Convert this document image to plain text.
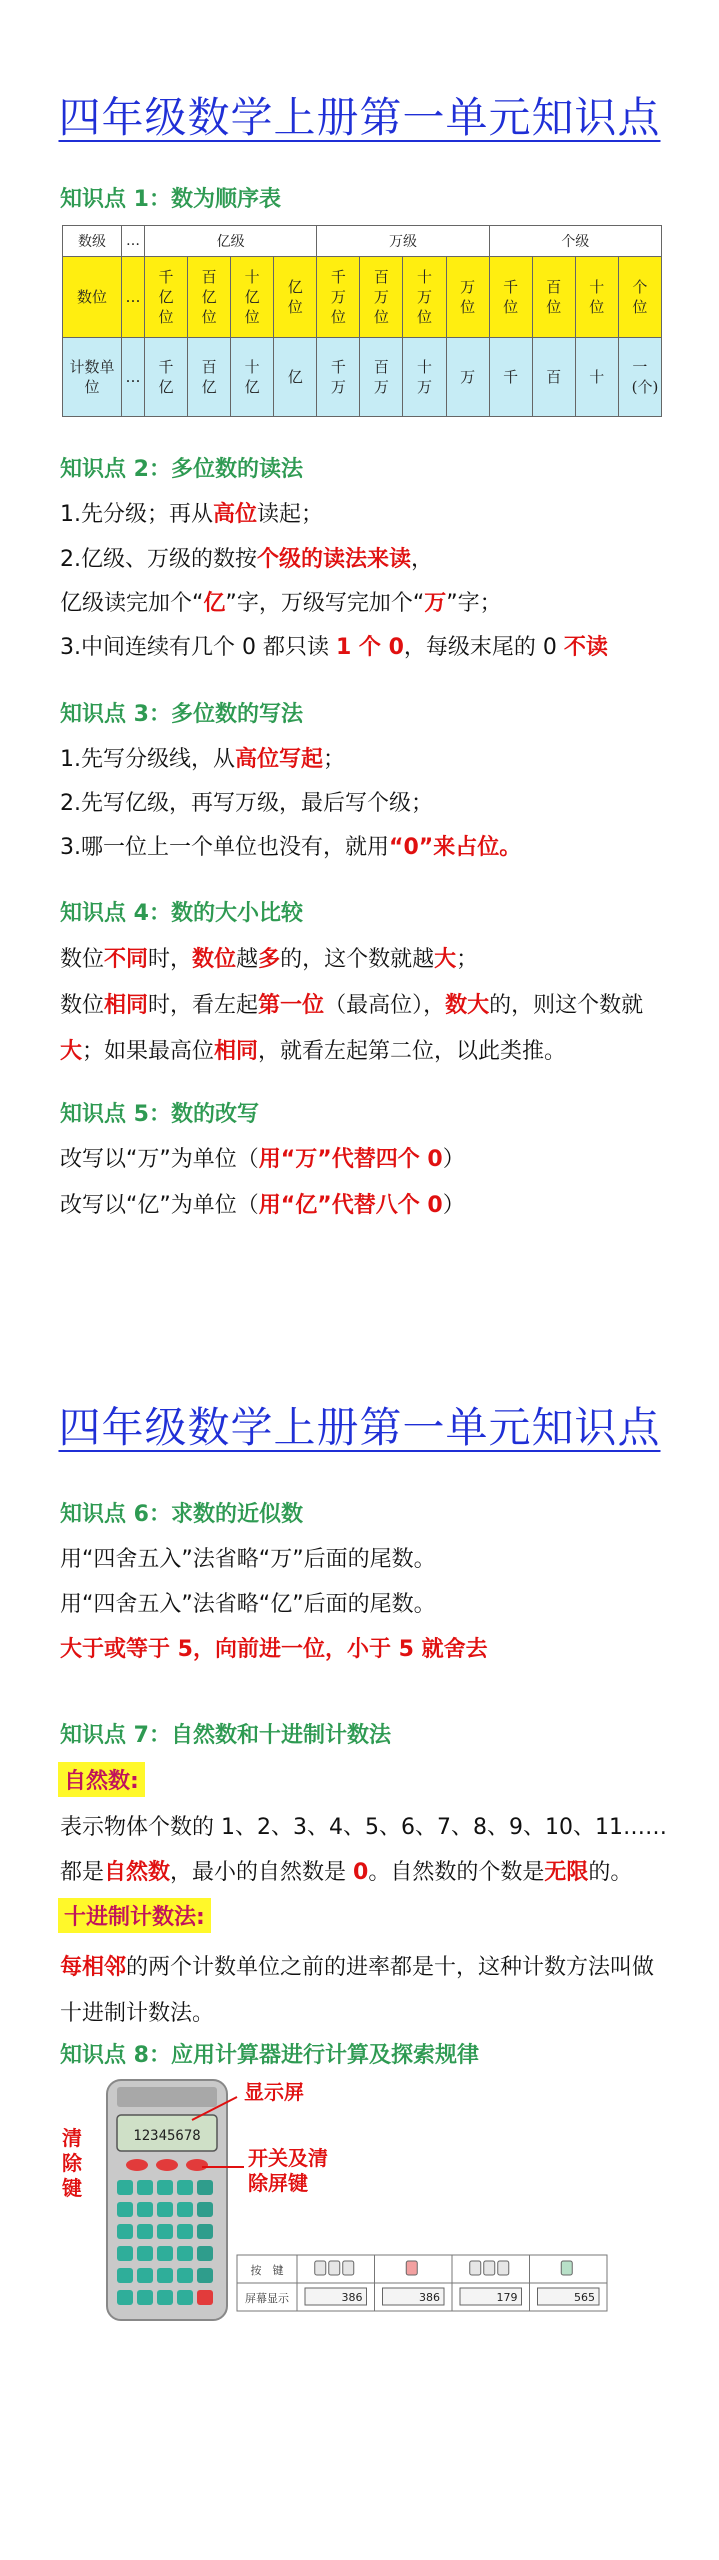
四年级数学上册第一单元知识点
知识点 1：数为顺序表
数级	…	亿级				万级				个级			
数位	…	千亿位	百亿位	十亿位	亿位	千万位	百万位	十万位	万位	千位	百位	十位	个位
计数单位	…	千亿	百亿	十亿	亿	千万	百万	十万	万	千	百	十	一(个)
知识点 2：多位数的读法
1.先分级；再从高位读起；
2.亿级、万级的数按个级的读法来读，
亿级读完加个“亿”字，万级写完加个“万”字；
3.中间连续有几个 0 都只读 1 个 0，每级末尾的 0 不读
知识点 3：多位数的写法
1.先写分级线，从高位写起；
2.先写亿级，再写万级，最后写个级；
3.哪一位上一个单位也没有，就用“0”来占位。
知识点 4：数的大小比较
数位不同时，数位越多的，这个数就越大；
数位相同时，看左起第一位（最高位），数大的，则这个数就
大；如果最高位相同，就看左起第二位，以此类推。
知识点 5：数的改写
改写以“万”为单位（用“万”代替四个 0）
改写以“亿”为单位（用“亿”代替八个 0）
四年级数学上册第一单元知识点
知识点 6：求数的近似数
用“四舍五入”法省略“万”后面的尾数。
用“四舍五入”法省略“亿”后面的尾数。
大于或等于 5，向前进一位，小于 5 就舍去
知识点 7：自然数和十进制计数法
自然数:
表示物体个数的 1、2、3、4、5、6、7、8、9、10、11……
都是自然数，最小的自然数是 0。自然数的个数是无限的。
十进制计数法:
每相邻的两个计数单位之前的进率都是十，这种计数方法叫做
十进制计数法。
知识点 8：应用计算器进行计算及探索规律
12345678
显示屏
开关及清
除屏键
清
除
键
按　键
屏幕显示	386	386	179	565
